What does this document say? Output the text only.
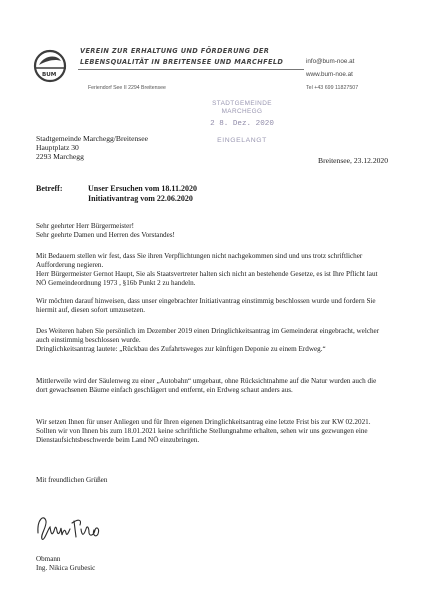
VEREIN ZUR ERHALTUNG UND FÖRDERUNG DER
LEBENSQUALITÄT IN BREITENSEE UND MARCHFELD
BUM
Feriendorf See II 2294 Breitensee
info@bum-noe.at
www.bum-noe.at
Tel +43 699 11827507
STADTGEMEINDE
MARCHEGG
2 8. Dez. 2020
EINGELANGT
Stadtgemeinde Marchegg/Breitensee
Hauptplatz 30
2293 Marchegg	Breitensee, 23.12.2020
Betreff:	Unser Ersuchen vom 18.11.2020
Initiativantrag vom 22.06.2020

Sehr geehrter Herr Bürgermeister!

Sehr geehrte Damen und Herren des Vorstandes!

Mit Bedauern stellen wir fest, dass Sie ihren Verpflichtungen nicht nachgekommen sind und uns trotz schriftlicher Aufforderung negieren.

Herr Bürgermeister Gernot Haupt, Sie als Staatsvertreter halten sich nicht an bestehende Gesetze, es ist Ihre Pflicht laut NÖ Gemeindeordnung 1973 , §16b Punkt 2 zu handeln.

Wir möchten darauf hinweisen, dass unser eingebrachter Initiativantrag einstimmig beschlossen wurde und fordern Sie hiermit auf, diesen sofort umzusetzen.

Des Weiteren haben Sie persönlich im Dezember 2019 einen Dringlichkeitsantrag im Gemeinderat eingebracht, welcher auch einstimmig beschlossen wurde.

Dringlichkeitsantrag lautete: „Rückbau des Zufahrtsweges zur künftigen Deponie zu einem Erdweg.“

Mittlerweile wird der Säulenweg zu einer „Autobahn“ umgebaut, ohne Rücksichtnahme auf die Natur wurden auch die dort gewachsenen Bäume einfach geschlägert und entfernt, ein Erdweg schaut anders aus.

Wir setzen Ihnen für unser Anliegen und für Ihren eigenen Dringlichkeitsantrag eine letzte Frist bis zur KW 02.2021.

Sollten wir von Ihnen bis zum 18.01.2021 keine schriftliche Stellungnahme erhalten, sehen wir uns gezwungen eine Dienstaufsichtsbeschwerde beim Land NÖ einzubringen.

Mit freundlichen Grüßen
Obmann
Ing. Nikica Grubesic
